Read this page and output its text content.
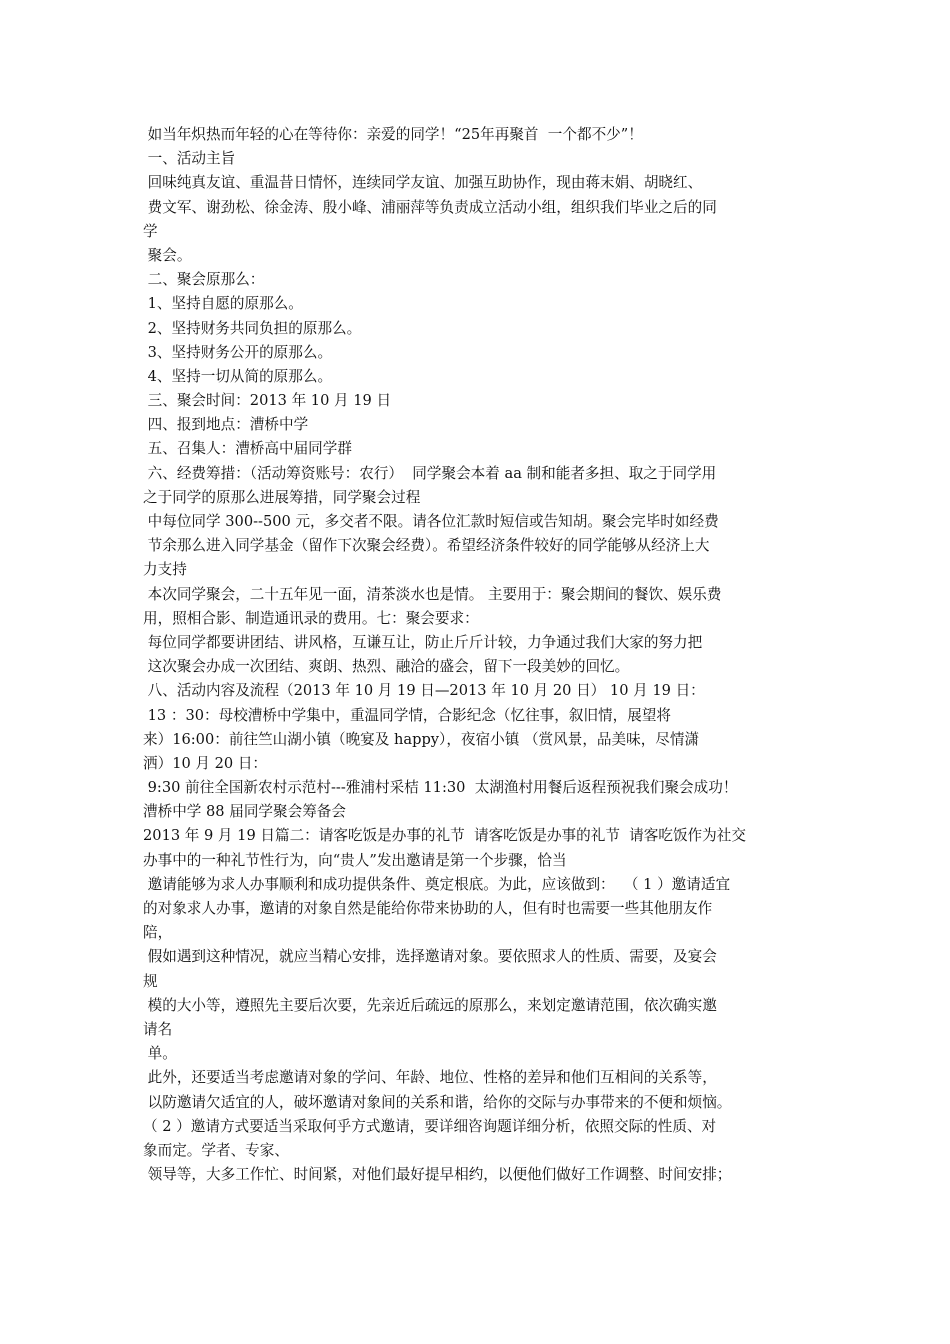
如当年炽热而年轻的心在等待你：亲爱的同学！“25年再聚首  一个都不少”！
一、活动主旨
回味纯真友谊、重温昔日情怀，连续同学友谊、加强互助协作，现由蒋末娟、胡晓红、
费文军、谢劲松、徐金涛、殷小峰、浦丽萍等负责成立活动小组，组织我们毕业之后的同
学
聚会。
二、聚会原那么：
1、坚持自愿的原那么。
2、坚持财务共同负担的原那么。
3、坚持财务公开的原那么。
4、坚持一切从简的原那么。
三、聚会时间：2013 年 10 月 19 日
四、报到地点：漕桥中学
五、召集人：漕桥高中届同学群
六、经费筹措：（活动筹资账号：农行）  同学聚会本着 aa 制和能者多担、取之于同学用
之于同学的原那么进展筹措，同学聚会过程
中每位同学 300--500 元，多交者不限。请各位汇款时短信或告知胡。聚会完毕时如经费
节余那么进入同学基金（留作下次聚会经费）。希望经济条件较好的同学能够从经济上大
力支持
本次同学聚会，二十五年见一面，清茶淡水也是情。 主要用于：聚会期间的餐饮、娱乐费
用，照相合影、制造通讯录的费用。七：聚会要求：
每位同学都要讲团结、讲风格，互谦互让，防止斤斤计较，力争通过我们大家的努力把
这次聚会办成一次团结、爽朗、热烈、融洽的盛会，留下一段美妙的回忆。
八、活动内容及流程（2013 年 10 月 19 日—2013 年 10 月 20 日） 10 月 19 日：
13 ：30：母校漕桥中学集中，重温同学情，合影纪念（忆往事，叙旧情，展望将
来）16:00：前往竺山湖小镇（晚宴及 happy），夜宿小镇 （赏风景，品美味，尽情潇
洒）10 月 20 日：
9:30 前往全国新农村示范村---雅浦村采桔 11:30  太湖渔村用餐后返程预祝我们聚会成功！
漕桥中学 88 届同学聚会筹备会
2013 年 9 月 19 日篇二：请客吃饭是办事的礼节  请客吃饭是办事的礼节  请客吃饭作为社交
办事中的一种礼节性行为，向“贵人”发出邀请是第一个步骤，恰当
邀请能够为求人办事顺利和成功提供条件、奠定根底。为此，应该做到：  （ 1 ）邀请适宜
的对象求人办事，邀请的对象自然是能给你带来协助的人，但有时也需要一些其他朋友作
陪，
假如遇到这种情况，就应当精心安排，选择邀请对象。要依照求人的性质、需要，及宴会
规
模的大小等，遵照先主要后次要，先亲近后疏远的原那么，来划定邀请范围，依次确实邀
请名
单。
此外，还要适当考虑邀请对象的学问、年龄、地位、性格的差异和他们互相间的关系等，
以防邀请欠适宜的人，破坏邀请对象间的关系和谐，给你的交际与办事带来的不便和烦恼。
（ 2 ）邀请方式要适当采取何乎方式邀请，要详细咨询题详细分析，依照交际的性质、对
象而定。学者、专家、
领导等，大多工作忙、时间紧，对他们最好提早相约，以便他们做好工作调整、时间安排；
